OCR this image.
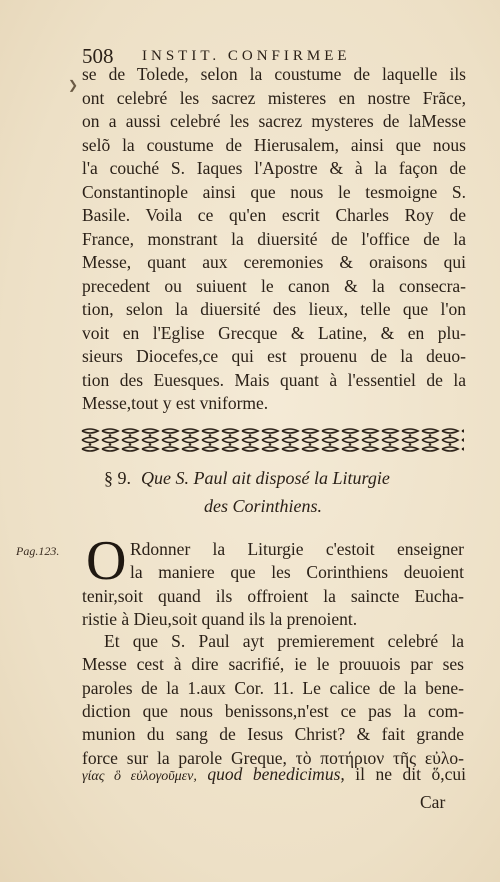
508 INSTIT. CONFIRMEE
❯
se de Tolede, selon la coustume de laquelle ils
ont celebré les sacrez misteres en nostre Frãce,
on a aussi celebré les sacrez mysteres de laMesse
selõ la coustume de Hierusalem, ainsi que nous
l'a couché S. Iaques l'Apostre & à la façon de
Constantinople ainsi que nous le tesmoigne S.
Basile. Voila ce qu'en escrit Charles Roy de
France, monstrant la diuersité de l'office de la
Messe, quant aux ceremonies & oraisons qui
precedent ou suiuent le canon & la consecra-
tion, selon la diuersité des lieux, telle que l'on
voit en l'Eglise Grecque & Latine, & en plu-
sieurs Diocefes,ce qui est prouenu de la deuo-
tion des Euesques. Mais quant à l'essentiel de la
Messe,tout y est vniforme.
§ 9. Que S. Paul ait disposé la Liturgie
des Corinthiens.
Pag.123. O Rdonner la Liturgie c'estoit enseigner
la maniere que les Corinthiens deuoient
tenir,soit quand ils offroient la saincte Eucha-
ristie à Dieu,soit quand ils la prenoient.
Et que S. Paul ayt premierement celebré la
Messe cest à dire sacrifié, ie le prouuois par ses
paroles de la 1.aux Cor. 11. Le calice de la bene-
diction que nous benissons,n'est ce pas la com-
munion du sang de Iesus Christ? & fait grande
force sur la parole Greque, τὸ ποτήριον τῆς εὐλο-
γίας ὃ εὐλογοῦμεν, quod benedicimus, il ne dit ὅ,cui
Car
